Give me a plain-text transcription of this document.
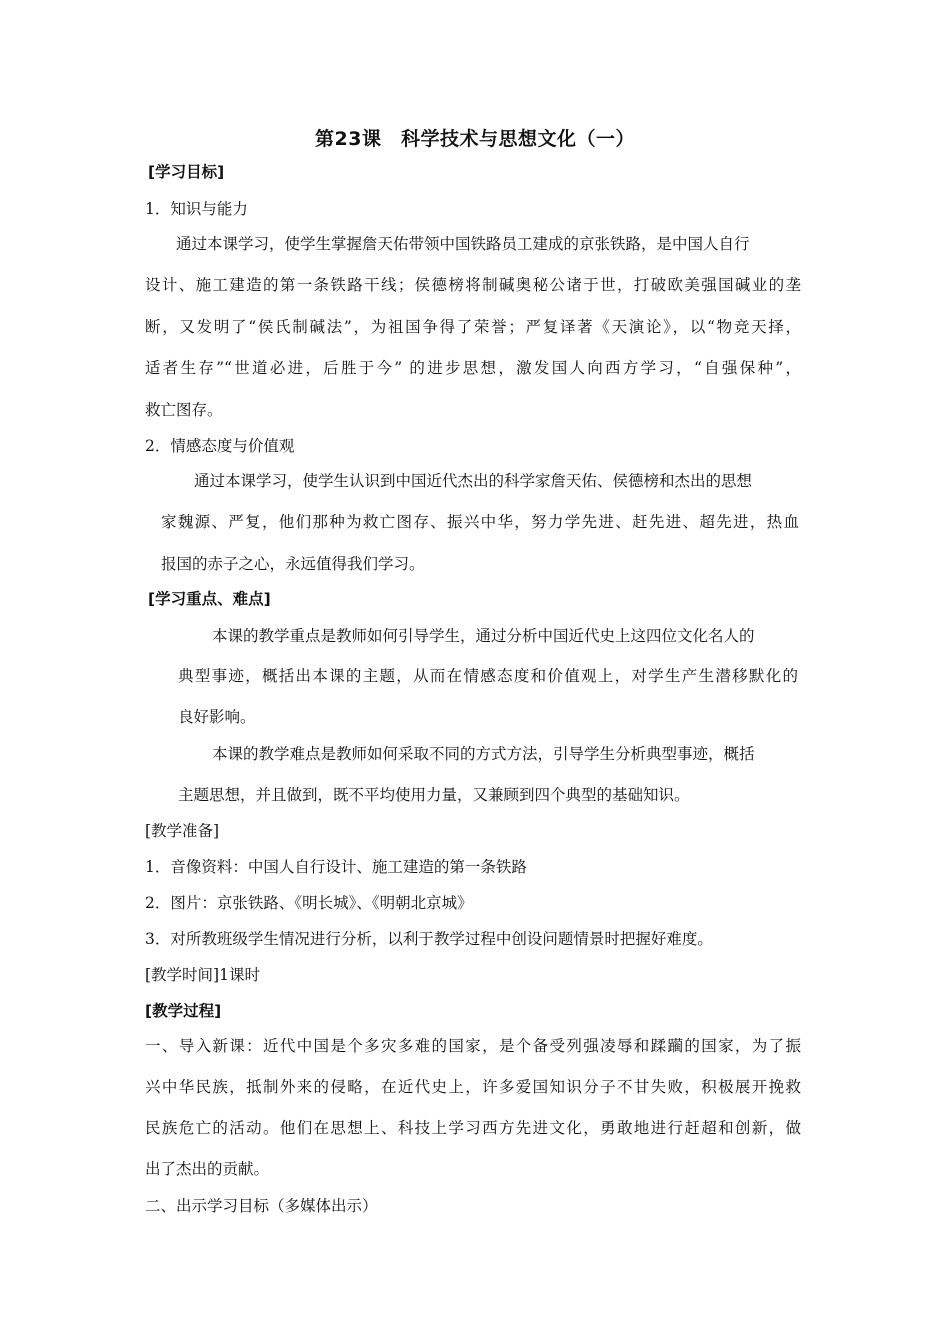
第23课　科学技术与思想文化（一）
[学习目标]
1．知识与能力
通过本课学习，使学生掌握詹天佑带领中国铁路员工建成的京张铁路，是中国人自行
设计、施工建造的第一条铁路干线；侯德榜将制碱奥秘公诸于世，打破欧美强国碱业的垄
断，又发明了“侯氏制碱法”，为祖国争得了荣誉；严复译著《天演论》，以“物竞天择，
适者生存”“世道必进，后胜于今” 的进步思想，激发国人向西方学习，“自强保种”，
救亡图存。
2．情感态度与价值观
通过本课学习，使学生认识到中国近代杰出的科学家詹天佑、侯德榜和杰出的思想
家魏源、严复，他们那种为救亡图存、振兴中华，努力学先进、赶先进、超先进，热血
报国的赤子之心，永远值得我们学习。
[学习重点、难点]
本课的教学重点是教师如何引导学生，通过分析中国近代史上这四位文化名人的
典型事迹，概括出本课的主题，从而在情感态度和价值观上，对学生产生潜移默化的
良好影响。
本课的教学难点是教师如何采取不同的方式方法，引导学生分析典型事迹，概括
主题思想，并且做到，既不平均使用力量，又兼顾到四个典型的基础知识。
[教学准备]
1．音像资料：中国人自行设计、施工建造的第一条铁路
2．图片：京张铁路、《明长城》、《明朝北京城》
3．对所教班级学生情况进行分析，以利于教学过程中创设问题情景时把握好难度。
[教学时间]1课时
[教学过程]
一、导入新课：近代中国是个多灾多难的国家，是个备受列强凌辱和蹂躏的国家，为了振
兴中华民族，抵制外来的侵略，在近代史上，许多爱国知识分子不甘失败，积极展开挽救
民族危亡的活动。他们在思想上、科技上学习西方先进文化，勇敢地进行赶超和创新，做
出了杰出的贡献。
二、出示学习目标（多媒体出示）
